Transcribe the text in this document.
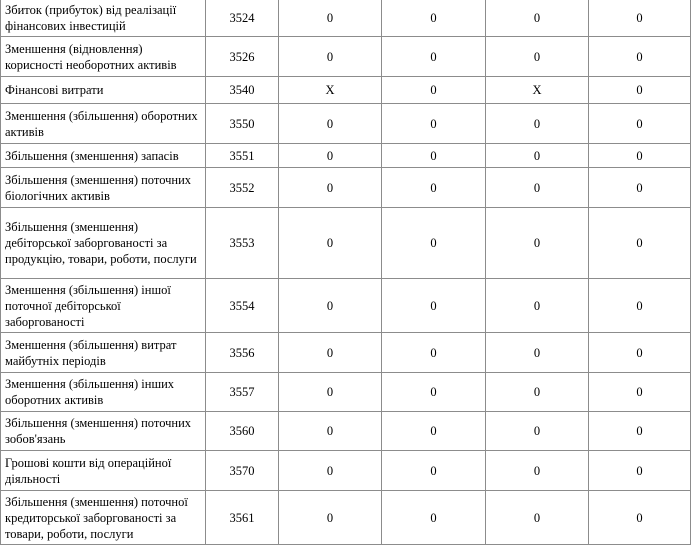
Збиток (прибуток) від реалізації фінансових інвестицій	3524	0	0	0	0
Зменшення (відновлення) корисності необоротних активів	3526	0	0	0	0
Фінансові витрати	3540	X	0	X	0
Зменшення (збільшення) оборотних активів	3550	0	0	0	0
Збільшення (зменшення) запасів	3551	0	0	0	0
Збільшення (зменшення) поточних біологічних активів	3552	0	0	0	0
Збільшення (зменшення) дебіторської заборгованості за продукцію, товари, роботи, послуги	3553	0	0	0	0
Зменшення (збільшення) іншої поточної дебіторської заборгованості	3554	0	0	0	0
Зменшення (збільшення) витрат майбутніх періодів	3556	0	0	0	0
Зменшення (збільшення) інших оборотних активів	3557	0	0	0	0
Збільшення (зменшення) поточних зобов'язань	3560	0	0	0	0
Грошові кошти від операційної діяльності	3570	0	0	0	0
Збільшення (зменшення) поточної кредиторської заборгованості за товари, роботи, послуги	3561	0	0	0	0
